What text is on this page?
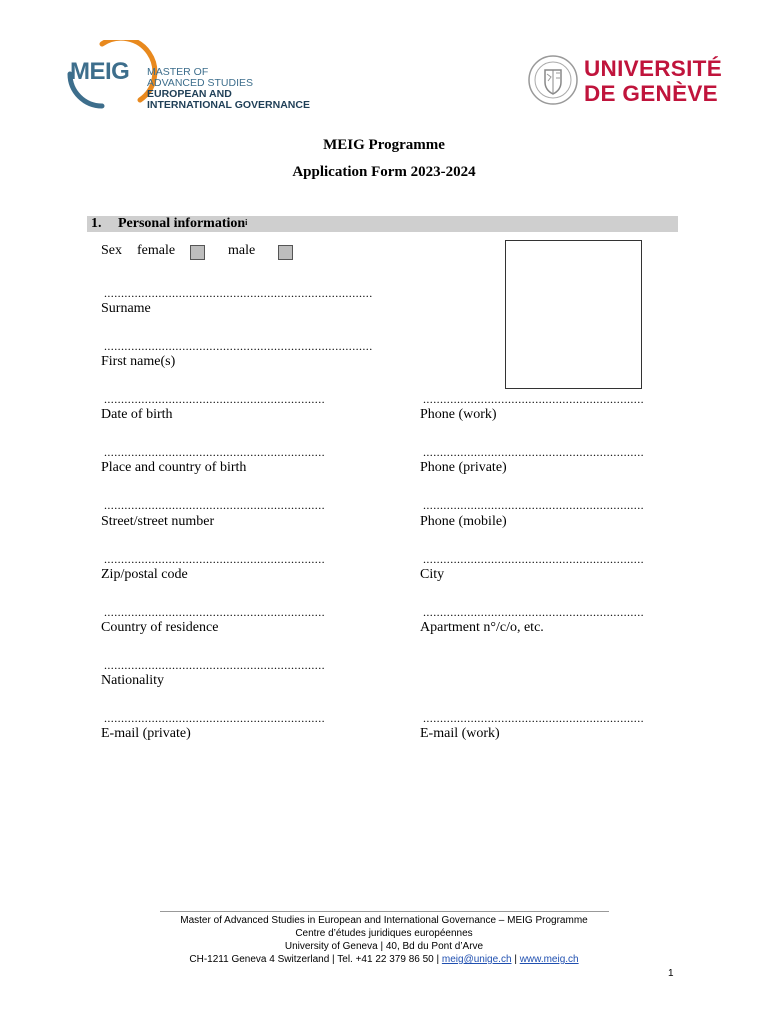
MEIG MASTER OF
ADVANCED STUDIES
EUROPEAN AND
INTERNATIONAL GOVERNANCE
UNIVERSITÉ
DE GENÈVE
MEIG Programme
Application Form 2023-2024
1. Personal information$^i$
Sex female	male
...............................................................................
Surname
...............................................................................
First name(s)
.................................................................
Date of birth
.................................................................
Phone (work)
.................................................................
Place and country of birth
.................................................................
Phone (private)
.................................................................
Street/street number
.................................................................
Phone (mobile)
.................................................................
Zip/postal code
.................................................................
City
.................................................................
Country of residence
.................................................................
Apartment n°/c/o, etc.
.................................................................
Nationality
.................................................................
E-mail (private)
.................................................................
E-mail (work)
Master of Advanced Studies in European and International Governance – MEIG Programme
Centre d’études juridiques européennes
University of Geneva | 40, Bd du Pont d’Arve
CH-1211 Geneva 4 Switzerland | Tel. +41 22 379 86 50 | meig@unige.ch | www.meig.ch
1
